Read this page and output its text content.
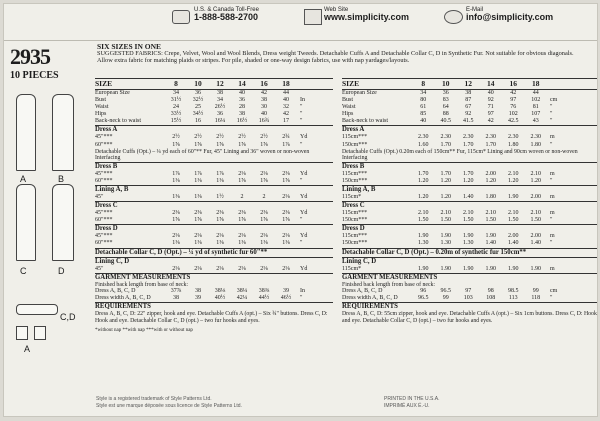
U.S. & Canada Toll-Free
1-888-588-2700
Web Site
www.simplicity.com
E-Mail
info@simplicity.com
2935
10 PIECES
A	B
C	D
C,D
A
SIX SIZES IN ONE
SUGGESTED FABRICS: Crepe, Velvet, Wool and Wool Blends, Dress weight Tweeds. Detachable Cuffs A and Detachable Collar C, D in Synthetic Fur. Not suitable for obvious diagonals. Allow extra fabric for matching plaids or stripes. For pile, shaded or one-way design fabrics, use with nap yardages/layouts.
SIZE	8	10	12	14	16	18
European Size	34	36	38	40	42	44
Bust	31½	32½	34	36	38	40	In
Waist	24	25	26½	28	30	32	"
Hips	33½	34½	36	38	40	42	"
Back-neck to waist	15½	16	16¼	16½	16¾	17	"
Dress A
45"***	2½	2½	2½	2½	2½	2¾	Yd
60"***	1⅝	1⅝	1⅝	1⅝	1⅝	1⅞	"
Detachable Cuffs (Opt.) – ¼ yd each of 60"** Fur, 45" Lining and 36" woven or non-woven Interfacing
Dress B
45"***	1⅞	1⅞	1⅞	2⅛	2⅛	2⅜	Yd
60"***	1⅜	1⅜	1⅜	1⅝	1⅝	1⅝	"
Lining A, B
45"	1⅜	1⅜	1½	2	2	2⅛	Yd
Dress C
45"***	2⅜	2⅜	2⅜	2⅜	2⅜	2⅜	Yd
60"***	1⅝	1⅝	1⅝	1⅝	1⅝	1⅝	"
Dress D
45"***	2⅛	2⅛	2⅛	2⅛	2⅛	2⅛	Yd
60"***	1⅜	1⅜	1⅜	1⅜	1⅜	1⅜	"
Detachable Collar C, D (Opt.) – ¼ yd of synthetic fur 60"**
Lining C, D
45"	2⅛	2⅛	2⅛	2⅛	2⅛	2⅛	Yd
GARMENT MEASUREMENTS
Finished back length from base of neck:
Dress A, B, C, D	37⅞	38	38⅛	38¼	38⅜	39	In
Dress width A, B, C, D	38	39	40½	42¼	44½	46½	"
REQUIREMENTS
Dress A, B, C, D: 22" zipper, hook and eye. Detachable Cuffs A (opt.) – Six ¾" buttons. Dress C, D: Hook and eye. Detachable Collar C, D (opt.) – two fur hooks and eyes.
*without nap **with nap ***with or without nap
SIZE	8	10	12	14	16	18
European Size	34	36	38	40	42	44
Bust	80	83	87	92	97	102	cm
Waist	61	64	67	71	76	81	"
Hips	85	88	92	97	102	107	"
Back-neck to waist	40	40.5	41.5	42	42.5	43	"
Dress A
115cm***	2.30	2.30	2.30	2.30	2.30	2.30	m
150cm***	1.60	1.70	1.70	1.70	1.80	1.80	"
Detachable Cuffs (Opt.) 0.20m each of 150cm** Fur, 115cm* Lining and 90cm woven or non-woven Interfacing
Dress B
115cm***	1.70	1.70	1.70	2.00	2.10	2.10	m
150cm***	1.20	1.20	1.20	1.20	1.20	1.20	"
Lining A, B
115cm*	1.20	1.20	1.40	1.80	1.90	2.00	m
Dress C
115cm***	2.10	2.10	2.10	2.10	2.10	2.10	m
150cm***	1.50	1.50	1.50	1.50	1.50	1.50	"
Dress D
115cm***	1.90	1.90	1.90	1.90	2.00	2.00	m
150cm***	1.30	1.30	1.30	1.40	1.40	1.40	"
Detachable Collar C, D (Opt.) – 0.20m of synthetic fur 150cm**
Lining C, D
115cm*	1.90	1.90	1.90	1.90	1.90	1.90	m
GARMENT MEASUREMENTS
Finished back length from base of neck:
Dress A, B, C, D	96	96.5	97	98	98.5	99	cm
Dress width A, B, C, D	96.5	99	103	108	113	118	"
REQUIREMENTS
Dress A, B, C, D: 55cm zipper, hook and eye. Detachable Cuffs A (opt.) – Six 1cm buttons. Dress C, D: Hook and eye. Detachable Collar C, D (opt.) – two fur hooks and eyes.
Style is a registered trademark of Style Patterns Ltd.
Style est une marque déposée sous licence de Style Patterns Ltd.
PRINTED IN THE U.S.A.
IMPRIMÉ AUX É.-U.
